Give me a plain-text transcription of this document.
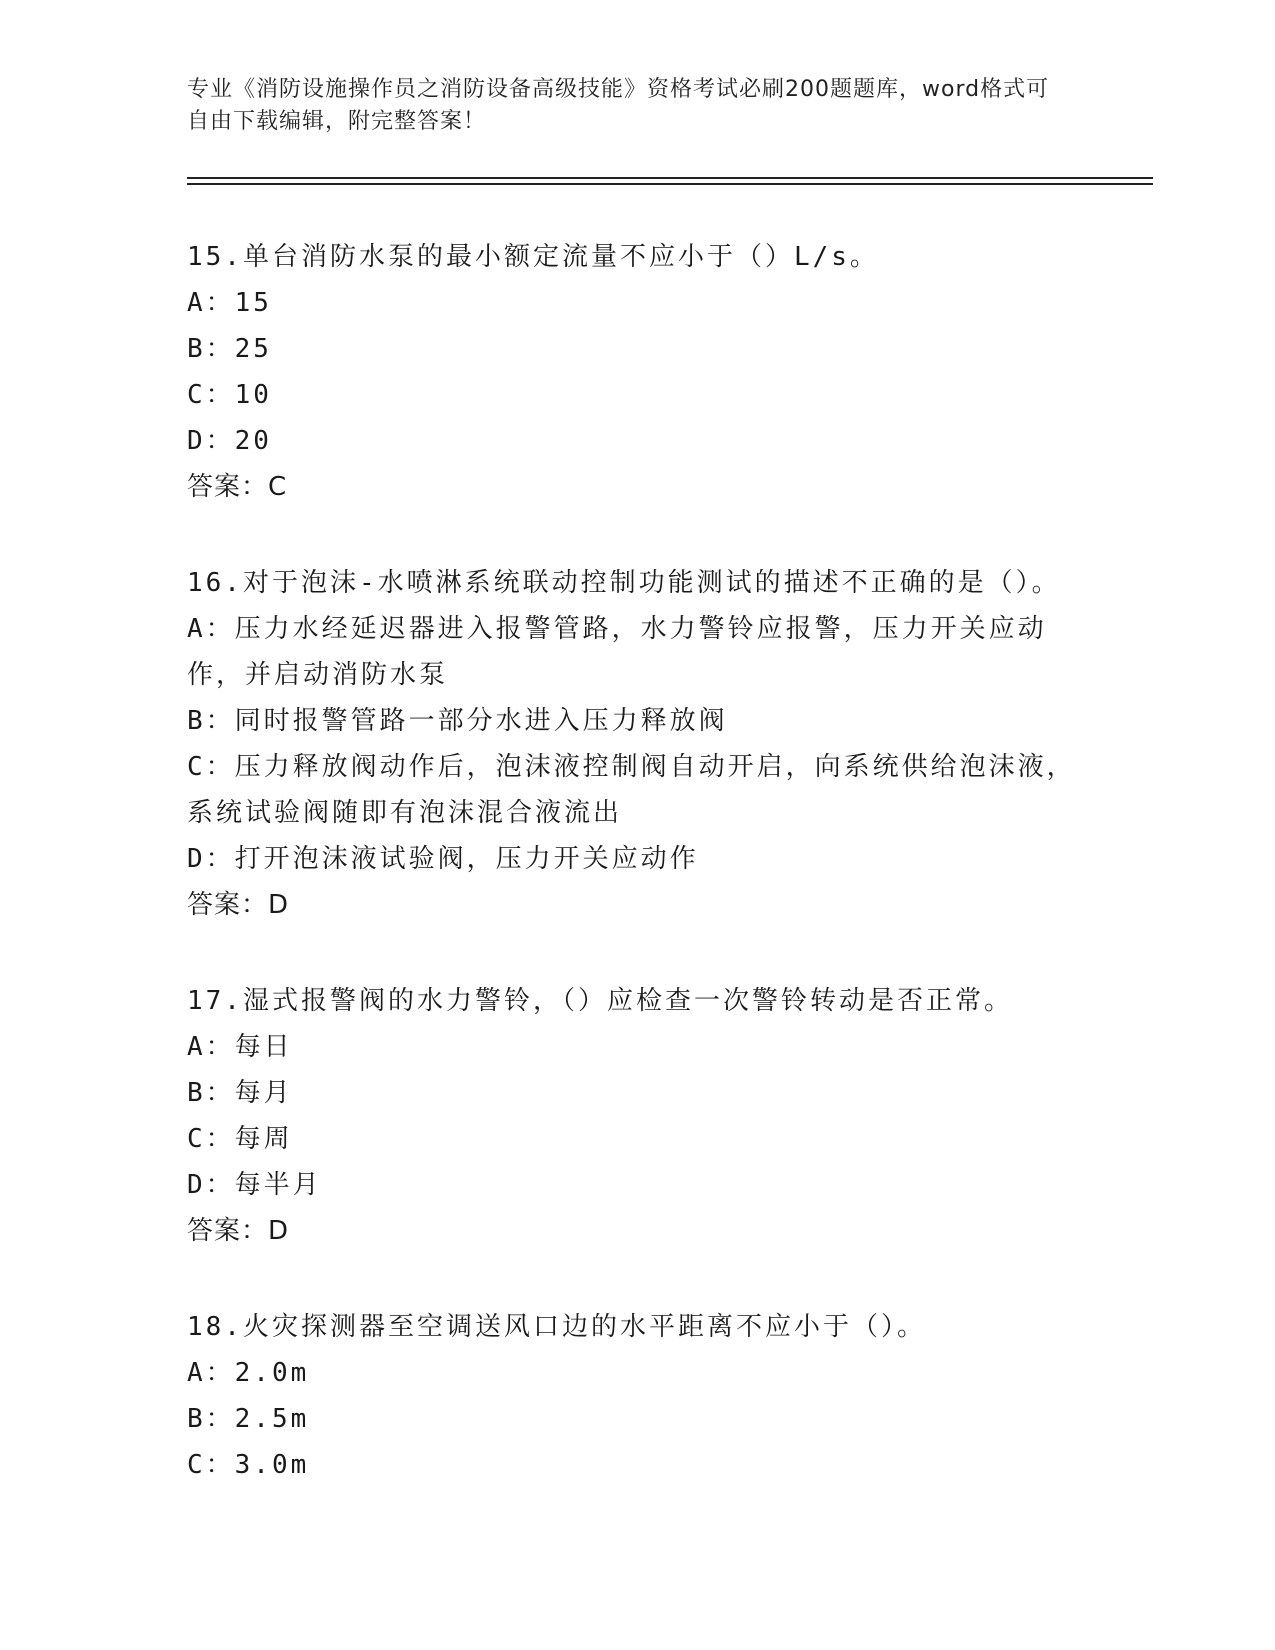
专业《消防设施操作员之消防设备高级技能》资格考试必刷200题题库，word格式可自由下载编辑，附完整答案！
15.单台消防水泵的最小额定流量不应小于（）L/s。
A：15
B：25
C：10
D：20
答案：C
16.对于泡沫-水喷淋系统联动控制功能测试的描述不正确的是（）。
A：压力水经延迟器进入报警管路，水力警铃应报警，压力开关应动作，并启动消防水泵
B：同时报警管路一部分水进入压力释放阀
C：压力释放阀动作后，泡沫液控制阀自动开启，向系统供给泡沫液，系统试验阀随即有泡沫混合液流出
D：打开泡沫液试验阀，压力开关应动作
答案：D
17.湿式报警阀的水力警铃，（）应检查一次警铃转动是否正常。
A：每日
B：每月
C：每周
D：每半月
答案：D
18.火灾探测器至空调送风口边的水平距离不应小于（）。
A：2.0m
B：2.5m
C：3.0m
